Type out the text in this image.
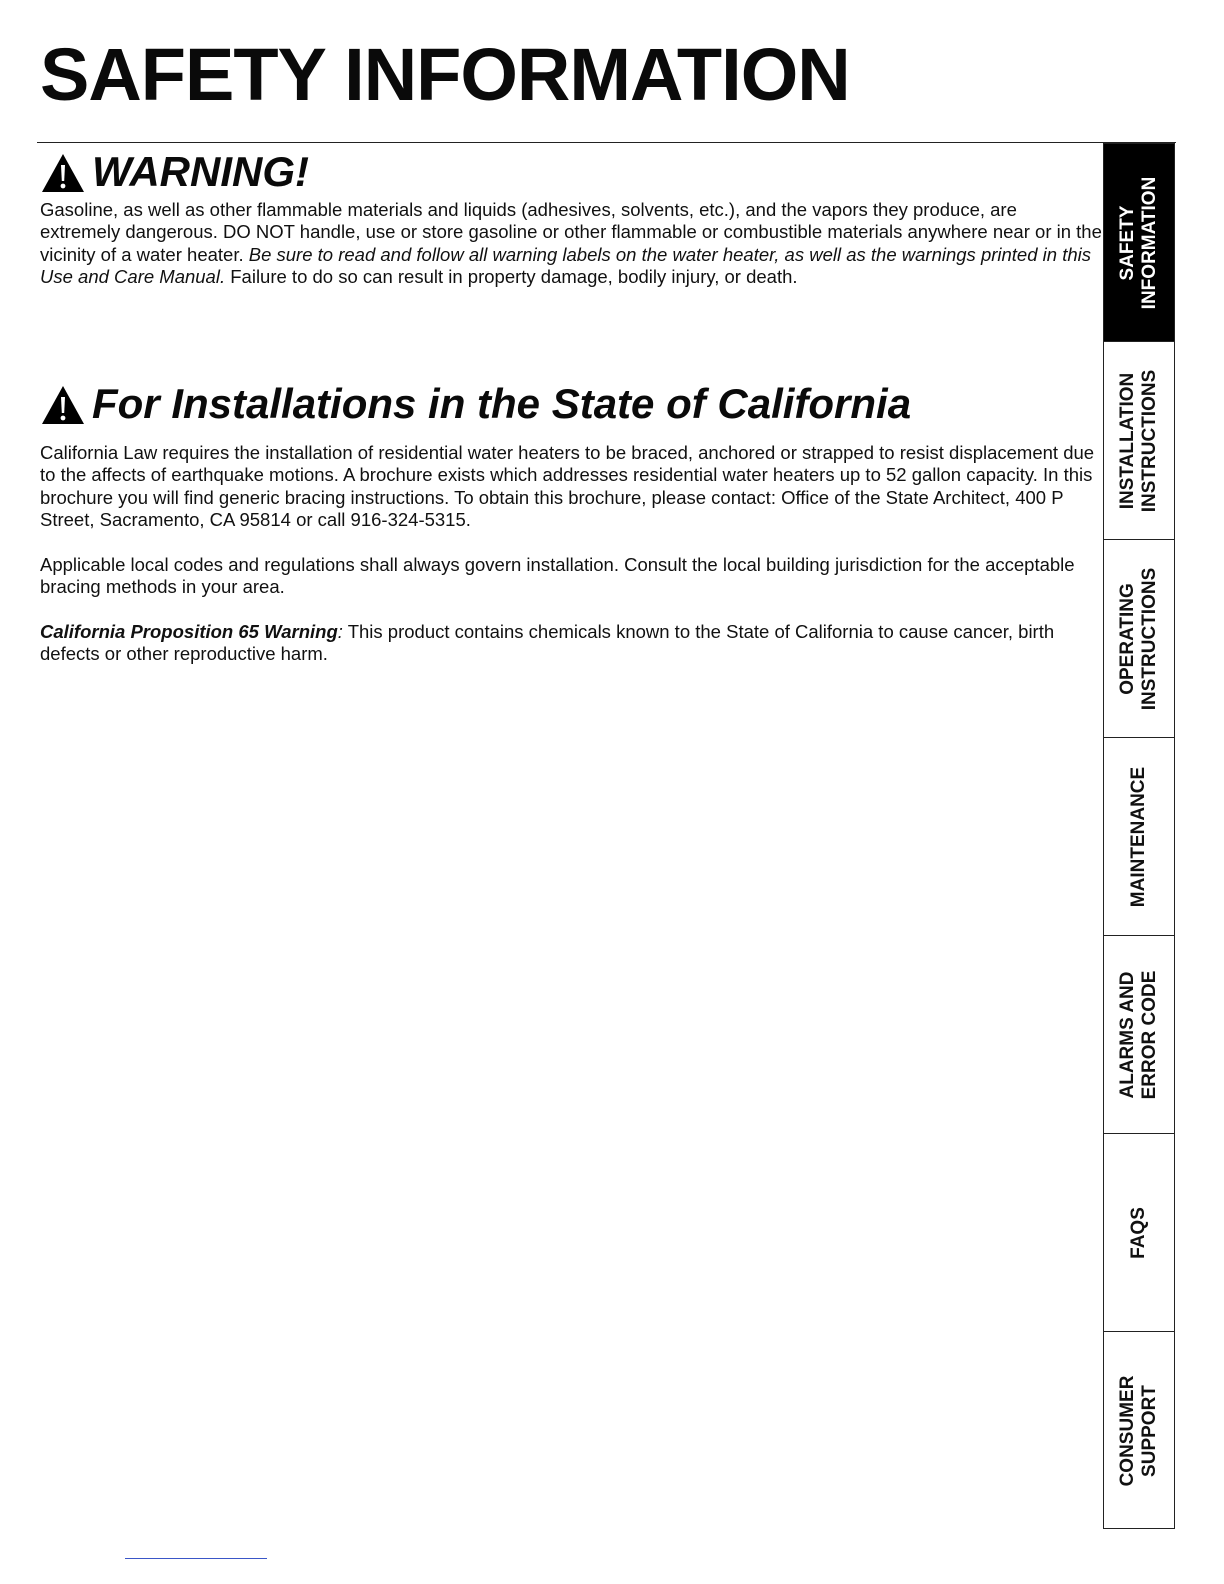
SAFETY INFORMATION
WARNING!

Gasoline, as well as other flammable materials and liquids (adhesives, solvents, etc.), and the vapors they produce, are extremely dangerous. DO NOT handle, use or store gasoline or other flammable or combustible materials anywhere near or in the vicinity of a water heater. Be sure to read and follow all warning labels on the water heater, as well as the warnings printed in this Use and Care Manual. Failure to do so can result in property damage, bodily injury, or death.

For Installations in the State of California

California Law requires the installation of residential water heaters to be braced, anchored or strapped to resist displacement due to the affects of earthquake motions. A brochure exists which addresses residential water heaters up to 52 gallon capacity. In this brochure you will find generic bracing instructions. To obtain this brochure, please contact: Office of the State Architect, 400 P Street, Sacramento, CA 95814 or call 916-324-5315.

Applicable local codes and regulations shall always govern installation. Consult the local building jurisdiction for the acceptable bracing methods in your area.

California Proposition 65 Warning: This product contains chemicals known to the State of California to cause cancer, birth defects or other reproductive harm.

SAFETY
INFORMATION
INSTALLATION
INSTRUCTIONS
OPERATING
INSTRUCTIONS
MAINTENANCE
ALARMS AND
ERROR CODE
FAQS
CONSUMER
SUPPORT
